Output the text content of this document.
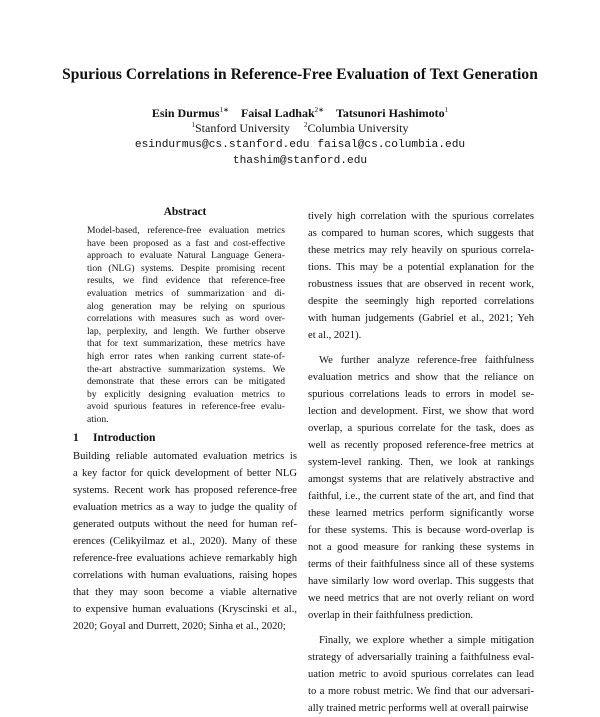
Spurious Correlations in Reference-Free Evaluation of Text Generation
Esin Durmus$^{1∗}$ Faisal Ladhak$^{2∗}$ Tatsunori Hashimoto$^1$
$^1$Stanford University $^2$Columbia University
esindurmus@cs.stanford.edu faisal@cs.columbia.edu
thashim@stanford.edu
Abstract
Model-based, reference-free evaluation metrics
have been proposed as a fast and cost-effective
approach to evaluate Natural Language Genera-
tion (NLG) systems. Despite promising recent
results, we find evidence that reference-free
evaluation metrics of summarization and di-
alog generation may be relying on spurious
correlations with measures such as word over-
lap, perplexity, and length. We further observe
that for text summarization, these metrics have
high error rates when ranking current state-of-
the-art abstractive summarization systems. We
demonstrate that these errors can be mitigated
by explicitly designing evaluation metrics to
avoid spurious features in reference-free evalu-
ation.
1 Introduction
Building reliable automated evaluation metrics is
a key factor for quick development of better NLG
systems. Recent work has proposed reference-free
evaluation metrics as a way to judge the quality of
generated outputs without the need for human ref-
erences (Celikyilmaz et al., 2020). Many of these
reference-free evaluations achieve remarkably high
correlations with human evaluations, raising hopes
that they may soon become a viable alternative
to expensive human evaluations (Kryscinski et al.,
2020; Goyal and Durrett, 2020; Sinha et al., 2020;
tively high correlation with the spurious correlates
as compared to human scores, which suggests that
these metrics may rely heavily on spurious correla-
tions. This may be a potential explanation for the
robustness issues that are observed in recent work,
despite the seemingly high reported correlations
with human judgements (Gabriel et al., 2021; Yeh
et al., 2021).
We further analyze reference-free faithfulness
evaluation metrics and show that the reliance on
spurious correlations leads to errors in model se-
lection and development. First, we show that word
overlap, a spurious correlate for the task, does as
well as recently proposed reference-free metrics at
system-level ranking. Then, we look at rankings
amongst systems that are relatively abstractive and
faithful, i.e., the current state of the art, and find that
these learned metrics perform significantly worse
for these systems. This is because word-overlap is
not a good measure for ranking these systems in
terms of their faithfulness since all of these systems
have similarly low word overlap. This suggests that
we need metrics that are not overly reliant on word
overlap in their faithfulness prediction.
Finally, we explore whether a simple mitigation
strategy of adversarially training a faithfulness eval-
uation metric to avoid spurious correlates can lead
to a more robust metric. We find that our adversari-
ally trained metric performs well at overall pairwise
